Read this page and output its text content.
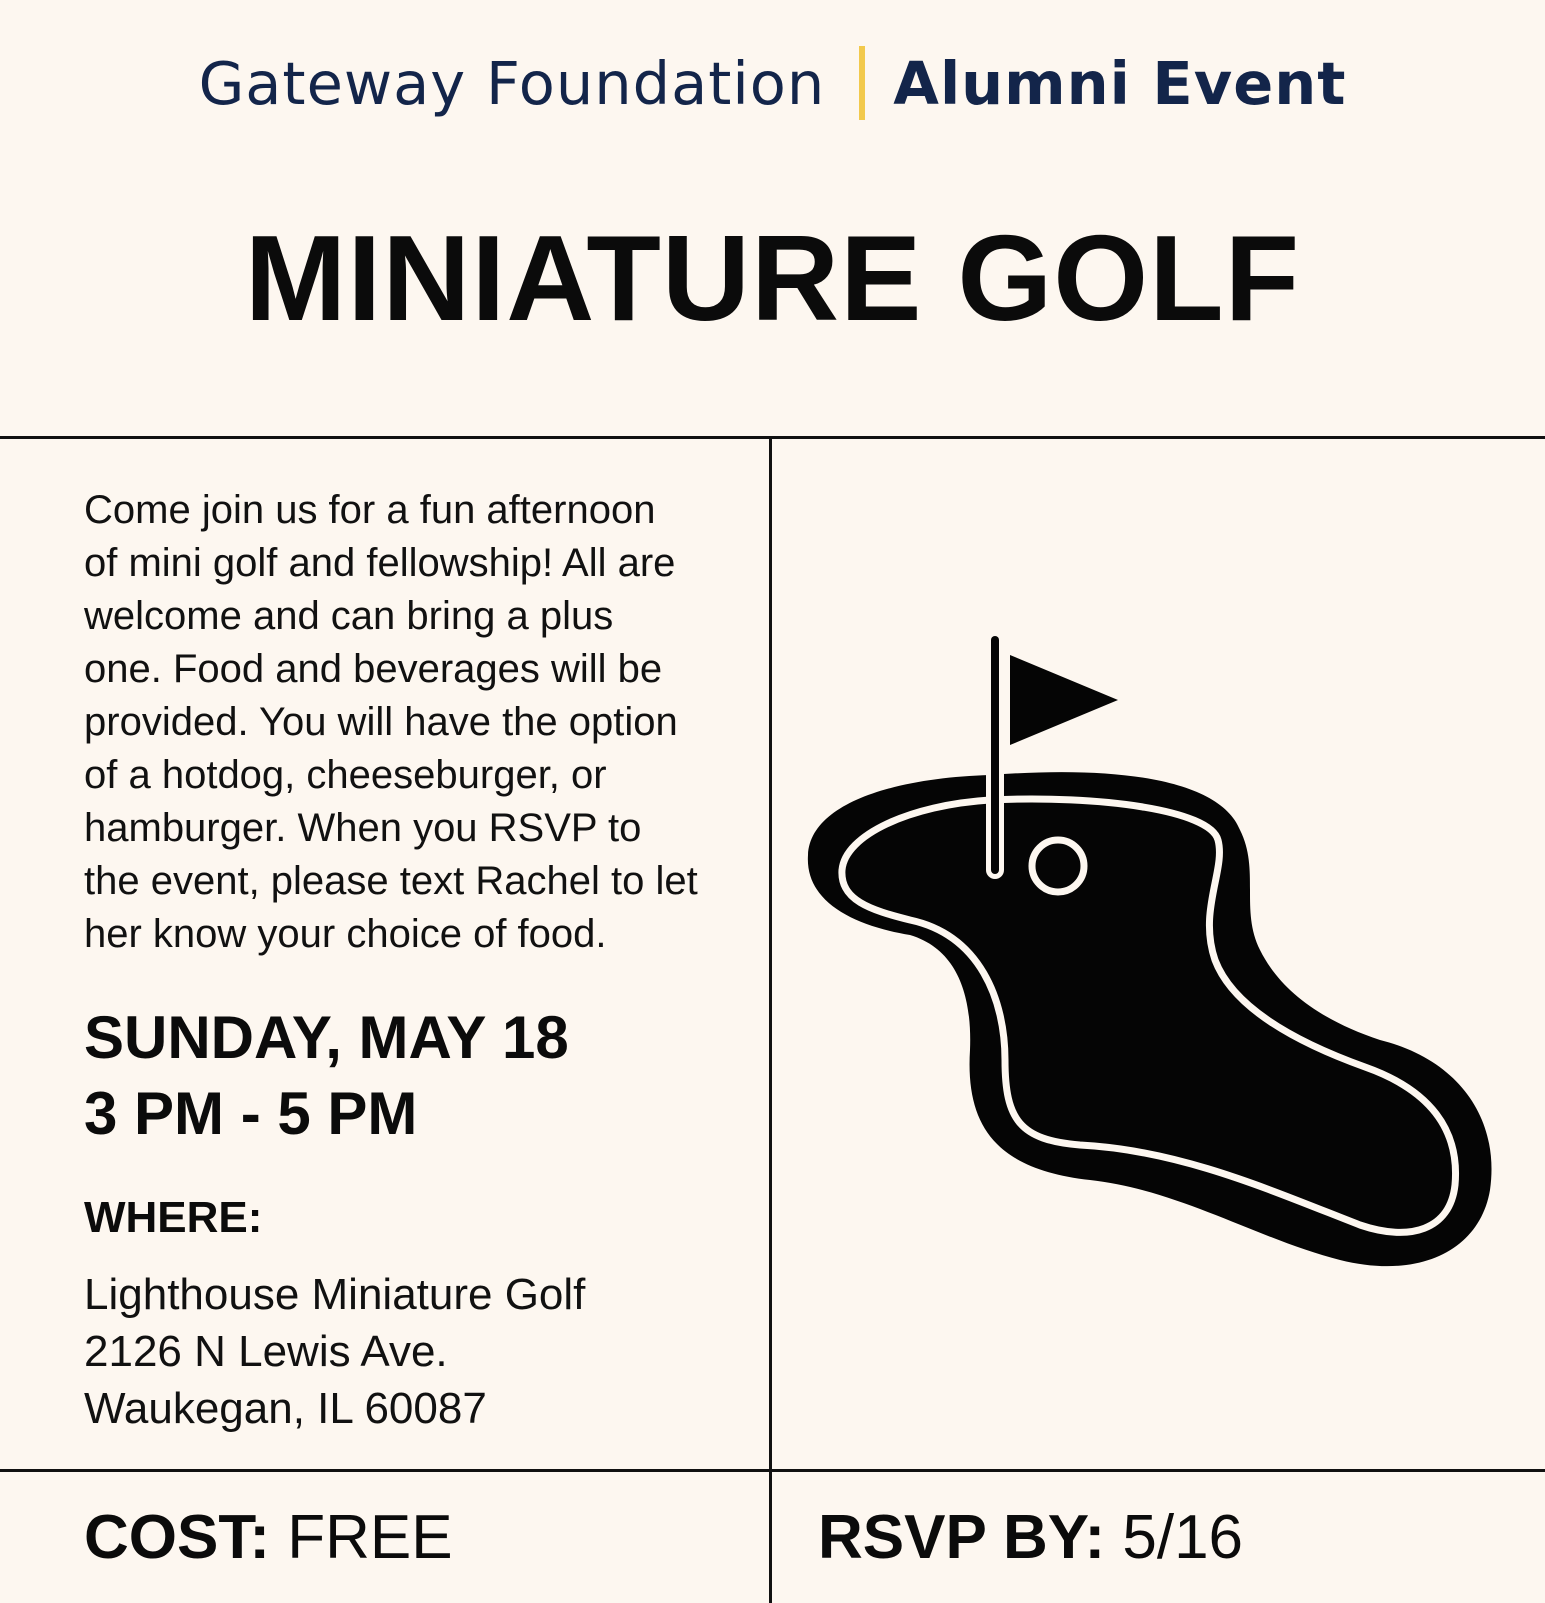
Gateway Foundation Alumni Event
MINIATURE GOLF
Come join us for a fun afternoon
of mini golf and fellowship! All are
welcome and can bring a plus
one. Food and beverages will be
provided. You will have the option
of a hotdog, cheeseburger, or
hamburger. When you RSVP to
the event, please text Rachel to let
her know your choice of food.
SUNDAY, MAY 18
3 PM - 5 PM
WHERE:
Lighthouse Miniature Golf
2126 N Lewis Ave.
Waukegan, IL 60087
COST: FREE	RSVP BY: 5/16
